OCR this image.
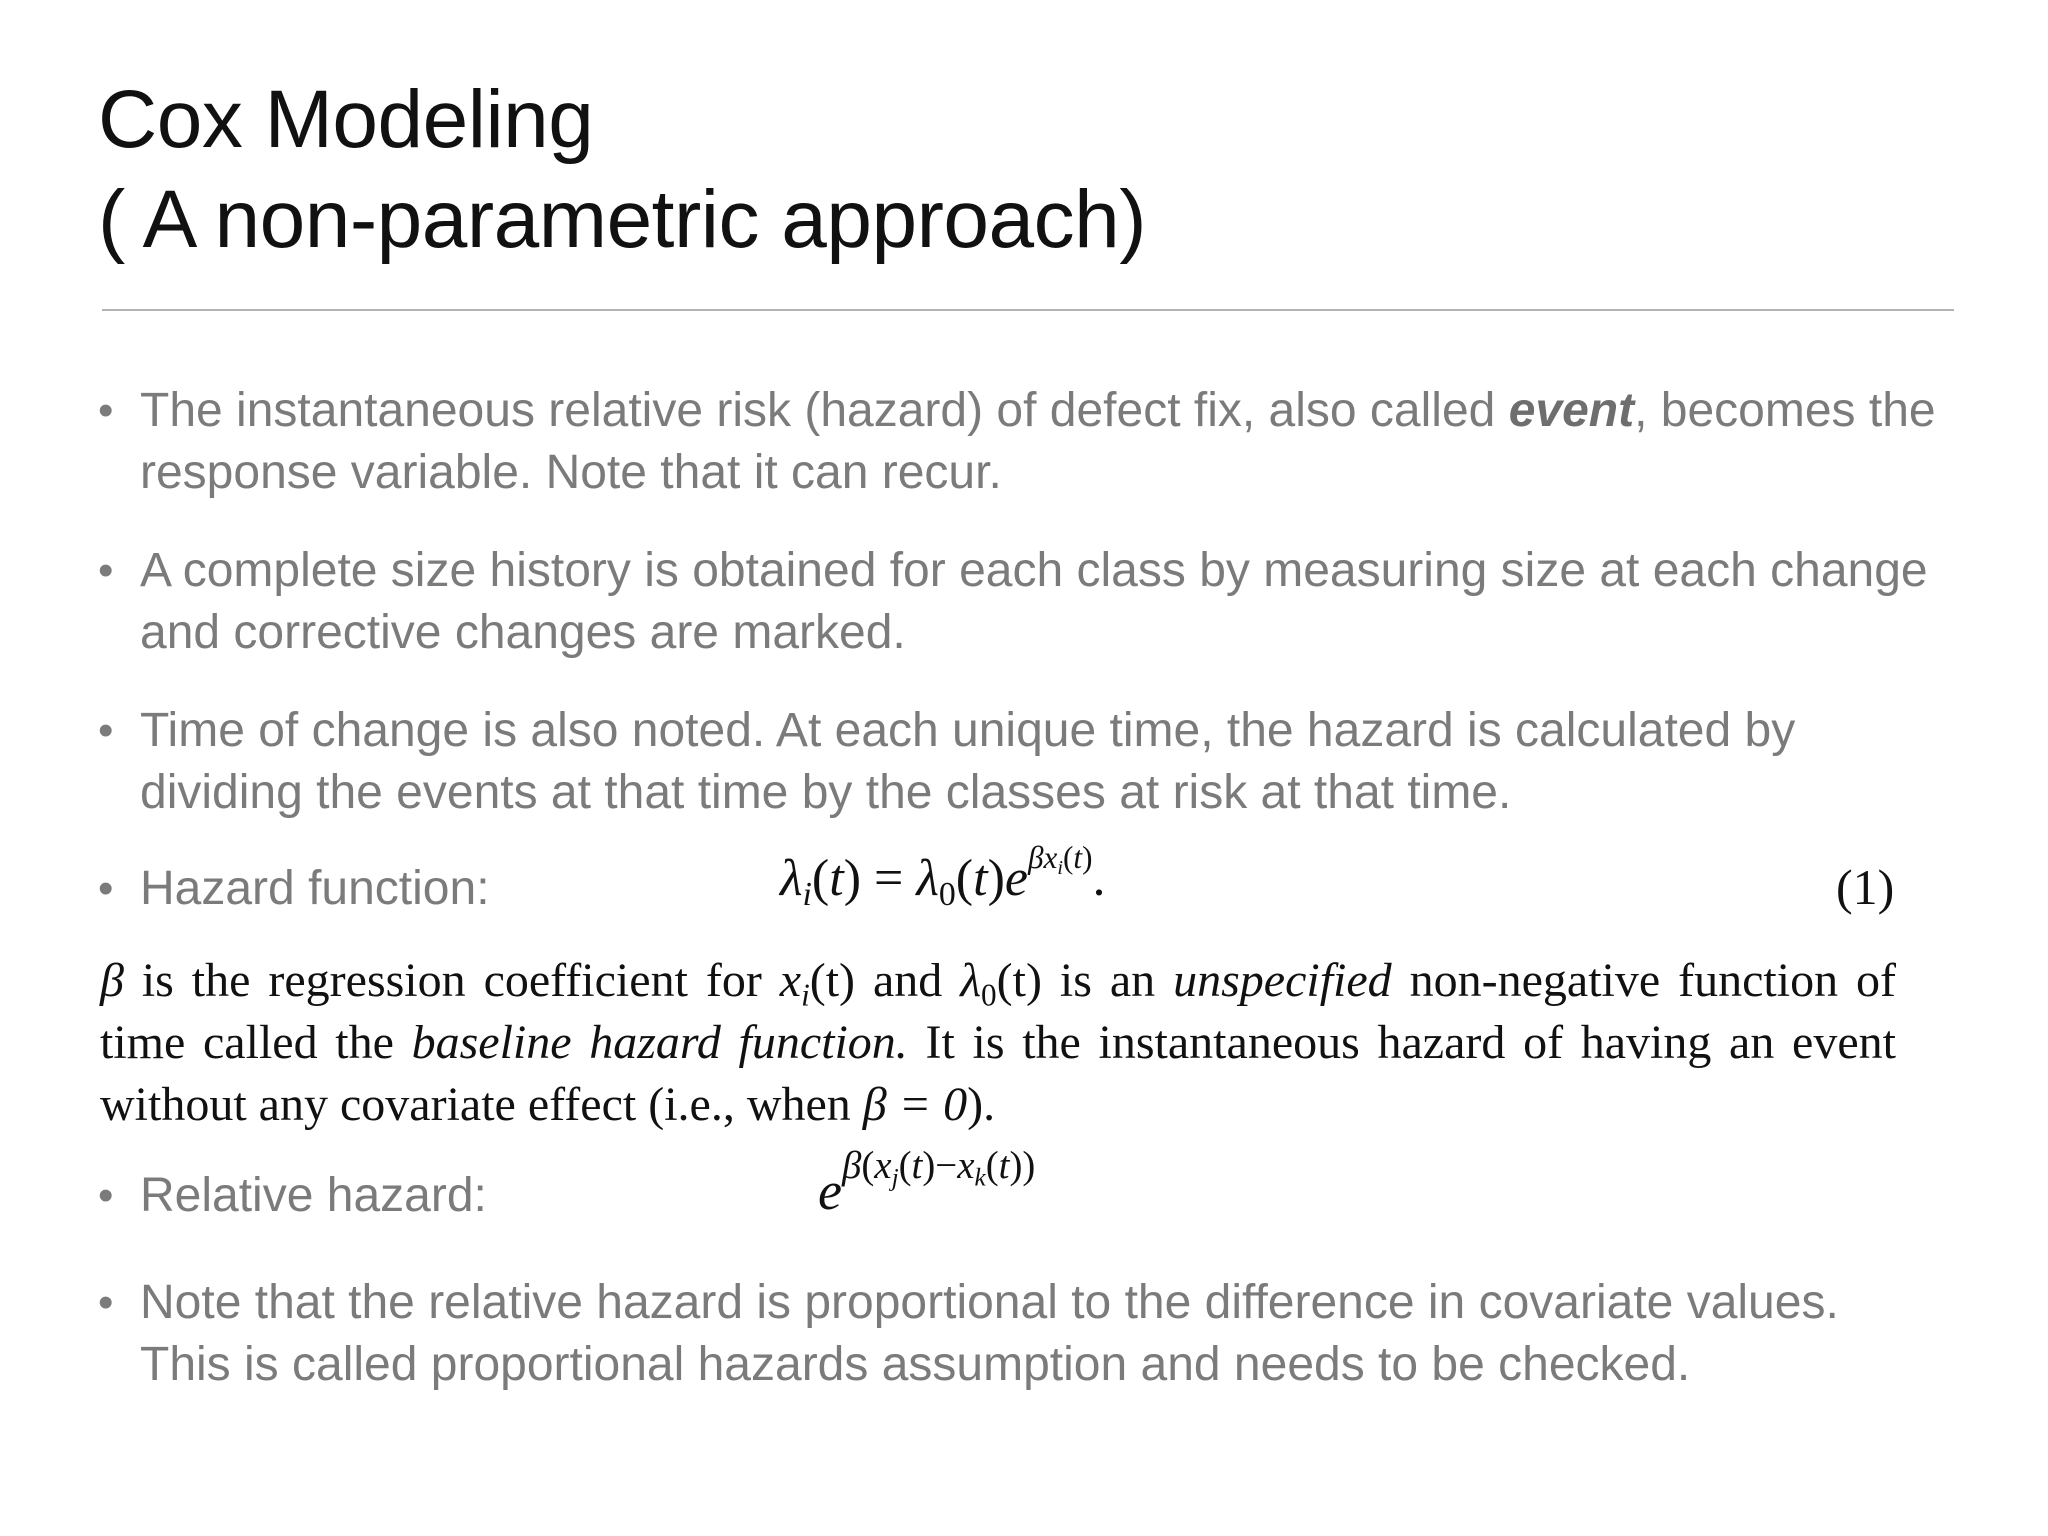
Cox Modeling
( A non-parametric approach)
• The instantaneous relative risk (hazard) of defect fix, also called event, becomes the response variable. Note that it can recur.
• A complete size history is obtained for each class by measuring size at each change and corrective changes are marked.
• Time of change is also noted. At each unique time, the hazard is calculated by dividing the events at that time by the classes at risk at that time.
• Hazard function:	$\lambda_i(t) = \lambda_0(t)e^{\beta x_i(t)}$.	(1)
β is the regression coefficient for $x_i(t)$ and $\lambda_0(t)$ is an unspecified non-negative function of time called the baseline hazard function. It is the instantaneous hazard of having an event without any covariate effect (i.e., when β = 0).
• Relative hazard:	$e^{\beta(x_j(t)-x_k(t))}$
• Note that the relative hazard is proportional to the difference in covariate values. This is called proportional hazards assumption and needs to be checked.
